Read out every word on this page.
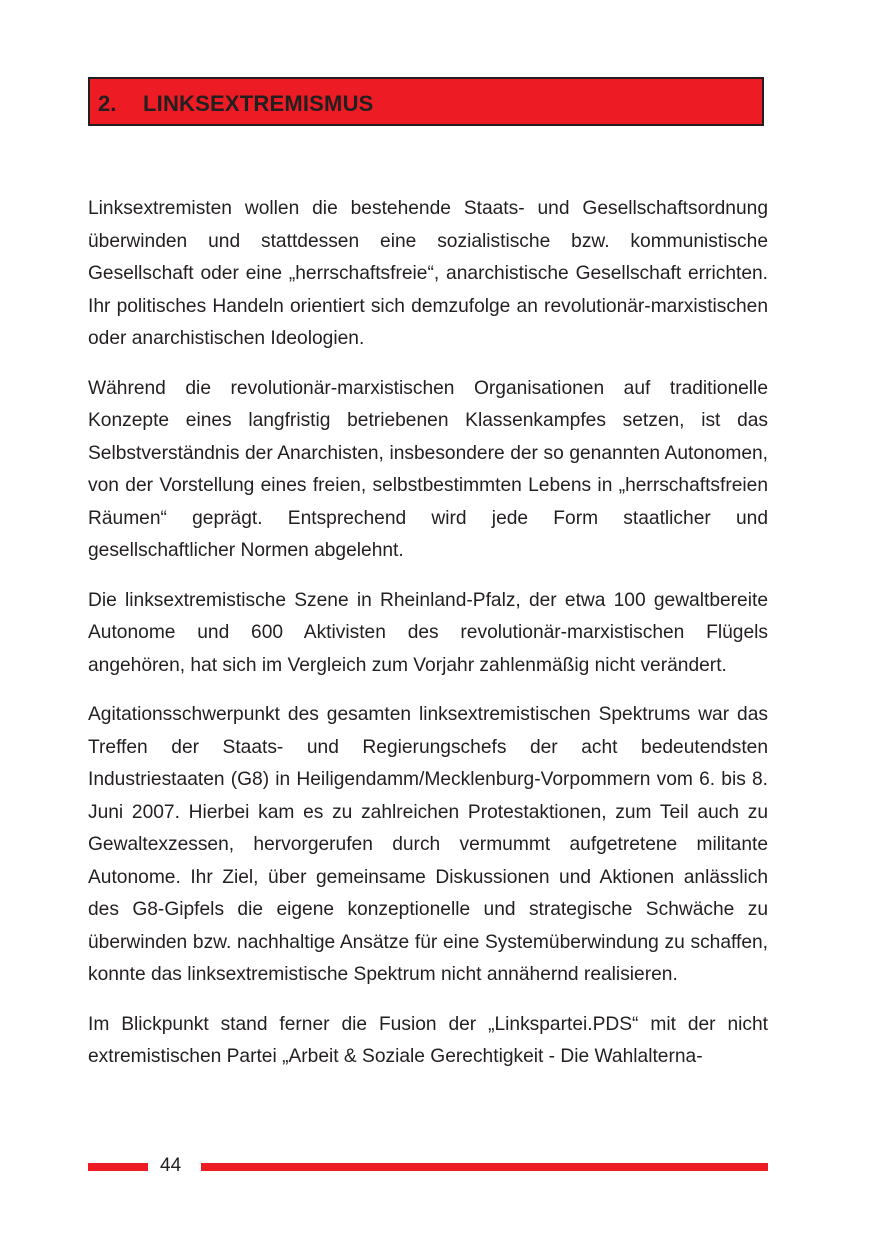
2. LINKSEXTREMISMUS

Linksextremisten wollen die bestehende Staats- und Gesellschaftsordnung überwinden und stattdessen eine sozialistische bzw. kommunistische Gesellschaft oder eine „herrschaftsfreie“, anarchistische Gesellschaft errichten. Ihr politisches Handeln orientiert sich demzufolge an revolutionär-marxistischen oder anarchistischen Ideologien.

Während die revolutionär-marxistischen Organisationen auf traditionelle Konzepte eines langfristig betriebenen Klassenkampfes setzen, ist das Selbstverständnis der Anarchisten, insbesondere der so genannten Autonomen, von der Vorstellung eines freien, selbstbestimmten Lebens in „herrschaftsfreien Räumen“ geprägt. Entsprechend wird jede Form staatlicher und gesellschaftlicher Normen abgelehnt.

Die linksextremistische Szene in Rheinland-Pfalz, der etwa 100 gewaltbereite Autonome und 600 Aktivisten des revolutionär-marxistischen Flügels angehören, hat sich im Vergleich zum Vorjahr zahlenmäßig nicht verändert.

Agitationsschwerpunkt des gesamten linksextremistischen Spektrums war das Treffen der Staats- und Regierungschefs der acht bedeutendsten Industriestaaten (G8) in Heiligendamm/Mecklenburg-Vorpommern vom 6. bis 8. Juni 2007. Hierbei kam es zu zahlreichen Protestaktionen, zum Teil auch zu Gewaltexzessen, hervorgerufen durch vermummt aufgetretene militante Autonome. Ihr Ziel, über gemeinsame Diskussionen und Aktionen anlässlich des G8-Gipfels die eigene konzeptionelle und strategische Schwäche zu überwinden bzw. nachhaltige Ansätze für eine Systemüberwindung zu schaffen, konnte das linksextremistische Spektrum nicht annähernd realisieren.

Im Blickpunkt stand ferner die Fusion der „Linkspartei.PDS“ mit der nicht extremistischen Partei „Arbeit & Soziale Gerechtigkeit - Die Wahlalterna-

44
